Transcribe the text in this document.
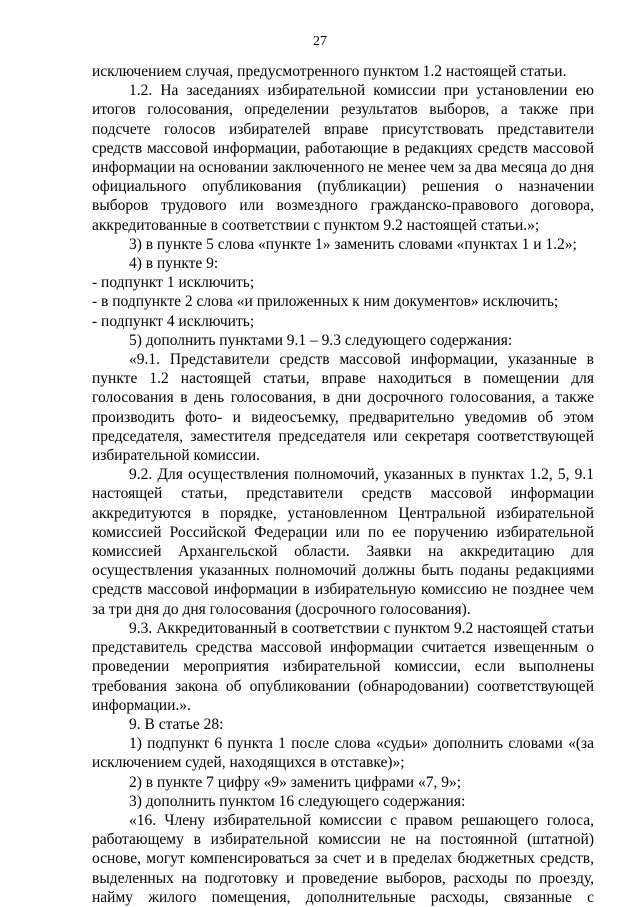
27

исключением случая, предусмотренного пунктом 1.2 настоящей статьи.

1.2. На заседаниях избирательной комиссии при установлении ею итогов голосования, определении результатов выборов, а также при подсчете голосов избирателей вправе присутствовать представители средств массовой информации, работающие в редакциях средств массовой информации на основании заключенного не менее чем за два месяца до дня официального опубликования (публикации) решения о назначении выборов трудового или возмездного гражданско-правового договора, аккредитованные в соответствии с пунктом 9.2 настоящей статьи.»;

3) в пункте 5 слова «пункте 1» заменить словами «пунктах 1 и 1.2»;

4) в пункте 9:

- подпункт 1 исключить;

- в подпункте 2 слова «и приложенных к ним документов» исключить;

- подпункт 4 исключить;

5) дополнить пунктами 9.1 – 9.3 следующего содержания:

«9.1. Представители средств массовой информации, указанные в пункте 1.2 настоящей статьи, вправе находиться в помещении для голосования в день голосования, в дни досрочного голосования, а также производить фото- и видеосъемку, предварительно уведомив об этом председателя, заместителя председателя или секретаря соответствующей избирательной комиссии.

9.2. Для осуществления полномочий, указанных в пунктах 1.2, 5, 9.1 настоящей статьи, представители средств массовой информации аккредитуются в порядке, установленном Центральной избирательной комиссией Российской Федерации или по ее поручению избирательной комиссией Архангельской области. Заявки на аккредитацию для осуществления указанных полномочий должны быть поданы редакциями средств массовой информации в избирательную комиссию не позднее чем за три дня до дня голосования (досрочного голосования).

9.3. Аккредитованный в соответствии с пунктом 9.2 настоящей статьи представитель средства массовой информации считается извещенным о проведении мероприятия избирательной комиссии, если выполнены требования закона об опубликовании (обнародовании) соответствующей информации.».

9. В статье 28:

1) подпункт 6 пункта 1 после слова «судьи» дополнить словами «(за исключением судей, находящихся в отставке)»;

2) в пункте 7 цифру «9» заменить цифрами «7, 9»;

3) дополнить пунктом 16 следующего содержания:

«16. Члену избирательной комиссии с правом решающего голоса, работающему в избирательной комиссии не на постоянной (штатной) основе, могут компенсироваться за счет и в пределах бюджетных средств, выделенных на подготовку и проведение выборов, расходы по проезду, найму жилого помещения, дополнительные расходы, связанные с
